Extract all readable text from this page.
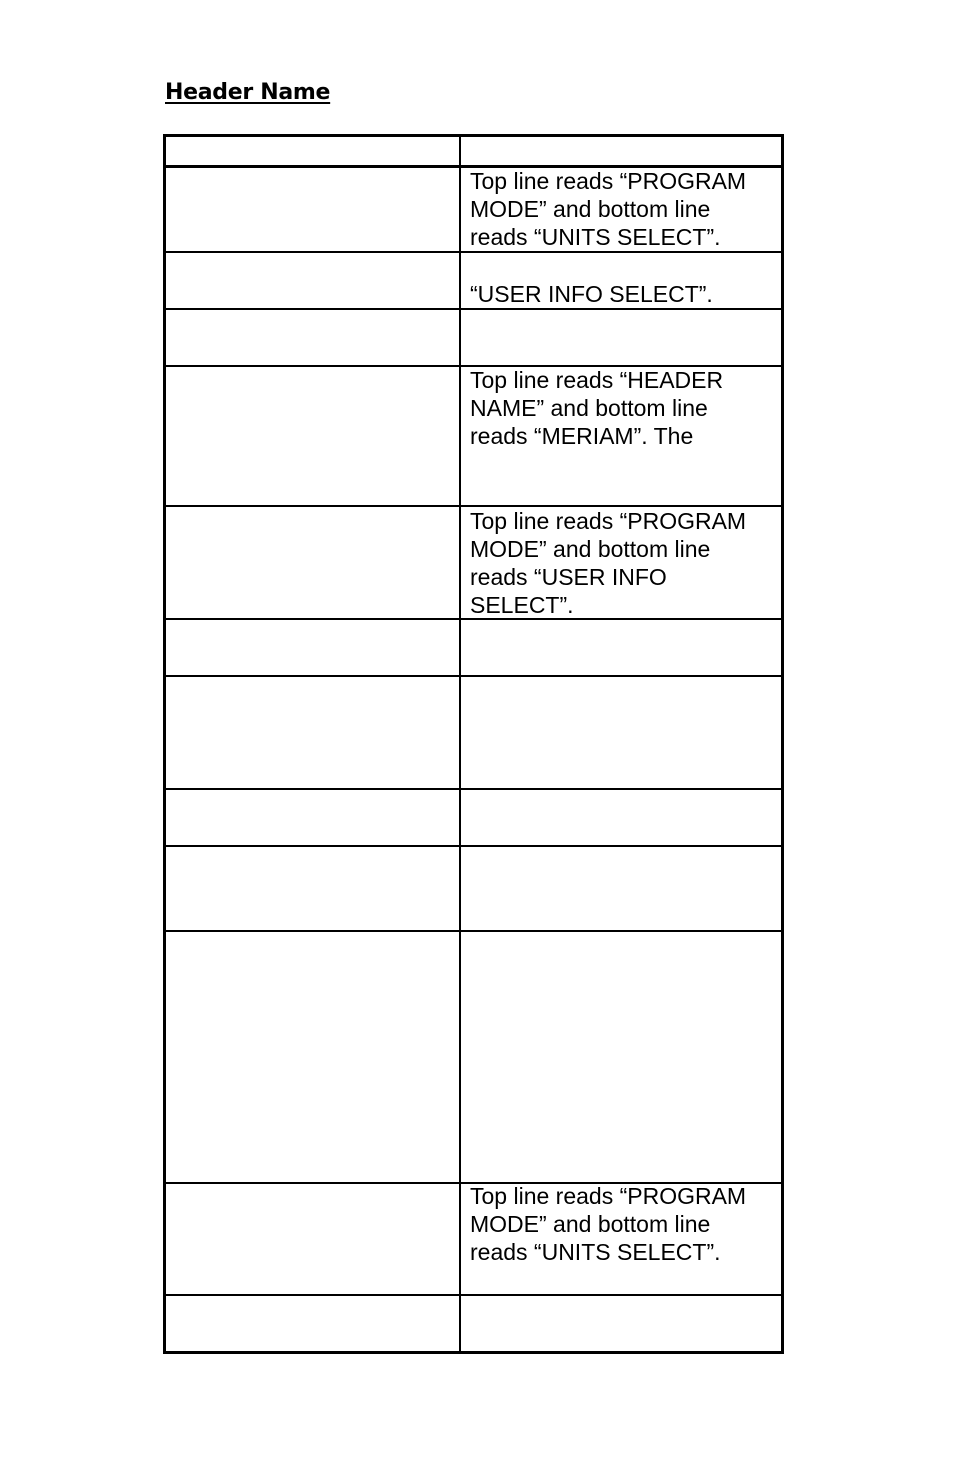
Header Name
Top line reads “PROGRAM
MODE” and bottom line
reads “UNITS SELECT”.
“USER INFO SELECT”.
Top line reads “HEADER
NAME” and bottom line
reads “MERIAM”. The
Top line reads “PROGRAM
MODE” and bottom line
reads “USER INFO
SELECT”.
Top line reads “PROGRAM
MODE” and bottom line
reads “UNITS SELECT”.
